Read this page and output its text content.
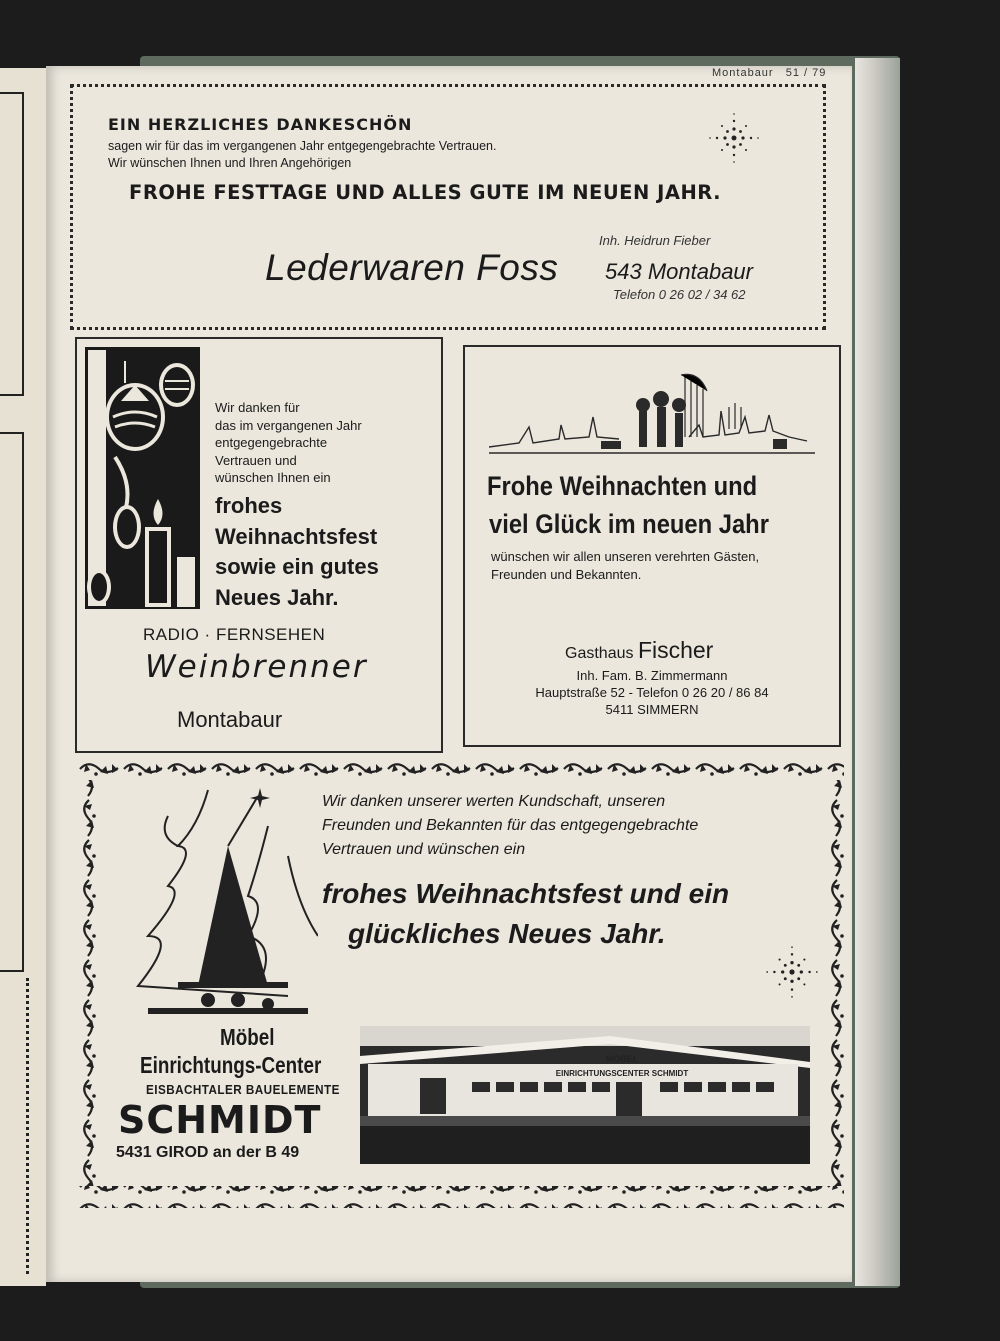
Montabaur   51 / 79
EIN HERZLICHES DANKESCHÖN
sagen wir für das im vergangenen Jahr entgegengebrachte Vertrauen.
Wir wünschen Ihnen und Ihren Angehörigen
FROHE FESTTAGE UND ALLES GUTE IM NEUEN JAHR.
Inh. Heidrun Fieber
Lederwaren Foss 543 Montabaur
Telefon 0 26 02 / 34 62
Wir danken für
das im vergangenen Jahr
entgegengebrachte
Vertrauen und
wünschen Ihnen ein
frohes
Weihnachtsfest
sowie ein gutes
Neues Jahr.
RADIO · FERNSEHEN
Weinbrenner
Montabaur
Frohe Weihnachten und
viel Glück im neuen Jahr
wünschen wir allen unseren verehrten Gästen,
Freunden und Bekannten.
Gasthaus Fischer
Inh. Fam. B. Zimmermann
Hauptstraße 52 - Telefon 0 26 20 / 86 84
5411 SIMMERN
Wir danken unserer werten Kundschaft, unseren
Freunden und Bekannten für das entgegengebrachte
Vertrauen und wünschen ein
frohes Weihnachtsfest und ein
glückliches Neues Jahr.
Möbel
Einrichtungs-Center
EISBACHTALER BAUELEMENTE
SCHMIDT
5431 GIROD an der B 49
MÖBEL
EINRICHTUNGSCENTER SCHMIDT
